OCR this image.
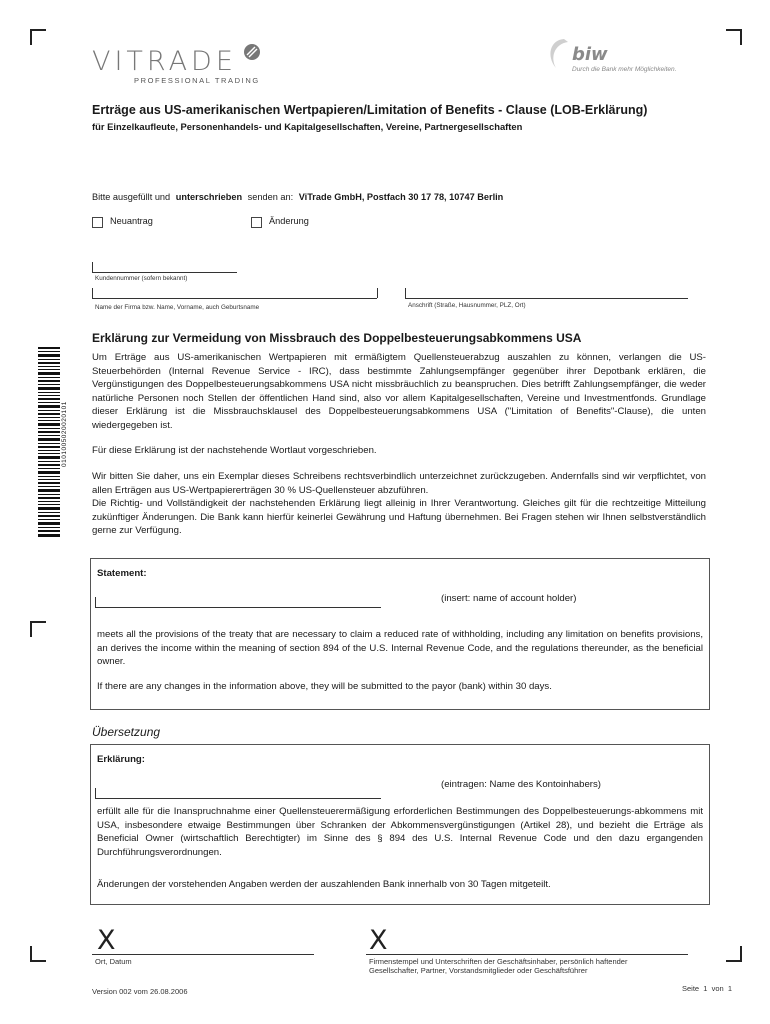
VITRADE
PROFESSIONAL TRADING
biw
Durch die Bank mehr Möglichkeiten.
Erträge aus US-amerikanischen Wertpapieren/Limitation of Benefits - Clause (LOB-Erklärung)
für Einzelkaufleute, Personenhandels- und Kapitalgesellschaften, Vereine, Partnergesellschaften
Bitte ausgefüllt und unterschrieben senden an: ViTrade GmbH, Postfach 30 17 78, 10747 Berlin
Neuantrag	Änderung
Kundennummer (sofern bekannt)
Name der Firma bzw. Name, Vorname, auch Geburtsname	Anschrift (Straße, Hausnummer, PLZ, Ort)
0101005020020101
Erklärung zur Vermeidung von Missbrauch des Doppelbesteuerungsabkommens USA
Um Erträge aus US-amerikanischen Wertpapieren mit ermäßigtem Quellensteuerabzug auszahlen zu können, verlangen die US-Steuerbehörden (Internal Revenue Service - IRC), dass bestimmte Zahlungsempfänger gegenüber ihrer Depotbank erklären, die Vergünstigungen des Doppelbesteuerungsabkommens USA nicht missbräuchlich zu beanspruchen. Dies betrifft Zahlungsempfänger, die weder natürliche Personen noch Stellen der öffentlichen Hand sind, also vor allem Kapitalgesellschaften, Vereine und Investmentfonds. Grundlage dieser Erklärung ist die Missbrauchsklausel des Doppelbesteuerungsabkommens USA ("Limitation of Benefits"-Clause), die unten wiedergegeben ist.
Für diese Erklärung ist der nachstehende Wortlaut vorgeschrieben.
Wir bitten Sie daher, uns ein Exemplar dieses Schreibens rechtsverbindlich unterzeichnet zurückzugeben. Andernfalls sind wir verpflichtet, von allen Erträgen aus US-Wertpapiererträgen 30 % US-Quellensteuer abzuführen.
Die Richtig- und Vollständigkeit der nachstehenden Erklärung liegt alleinig in Ihrer Verantwortung. Gleiches gilt für die rechtzeitige Mitteilung zukünftiger Änderungen. Die Bank kann hierfür keinerlei Gewährung und Haftung übernehmen. Bei Fragen stehen wir Ihnen selbstverständlich gerne zur Verfügung.
Statement:
(insert: name of account holder)
meets all the provisions of the treaty that are necessary to claim a reduced rate of withholding, including any limitation on benefits provisions, an derives the income within the meaning of section 894 of the U.S. Internal Revenue Code, and the regulations thereunder, as the beneficial owner.
If there are any changes in the information above, they will be submitted to the payor (bank) within 30 days.
Übersetzung
Erklärung:
(eintragen: Name des Kontoinhabers)
erfüllt alle für die Inanspruchnahme einer Quellensteuerermäßigung erforderlichen Bestimmungen des Doppelbesteuerungs-abkommens mit USA, insbesondere etwaige Bestimmungen über Schranken der Abkommensvergünstigungen (Artikel 28), und bezieht die Erträge als Beneficial Owner (wirtschaftlich Berechtigter) im Sinne des § 894 des U.S. Internal Revenue Code und den dazu ergangenden Durchführungsverordnungen.
Änderungen der vorstehenden Angaben werden der auszahlenden Bank innerhalb von 30 Tagen mitgeteilt.
X
Ort, Datum
X
Firmenstempel und Unterschriften der Geschäftsinhaber, persönlich haftender
Gesellschafter, Partner, Vorstandsmitglieder oder Geschäftsführer
Version 002 vom 26.08.2006	Seite  1  von  1
